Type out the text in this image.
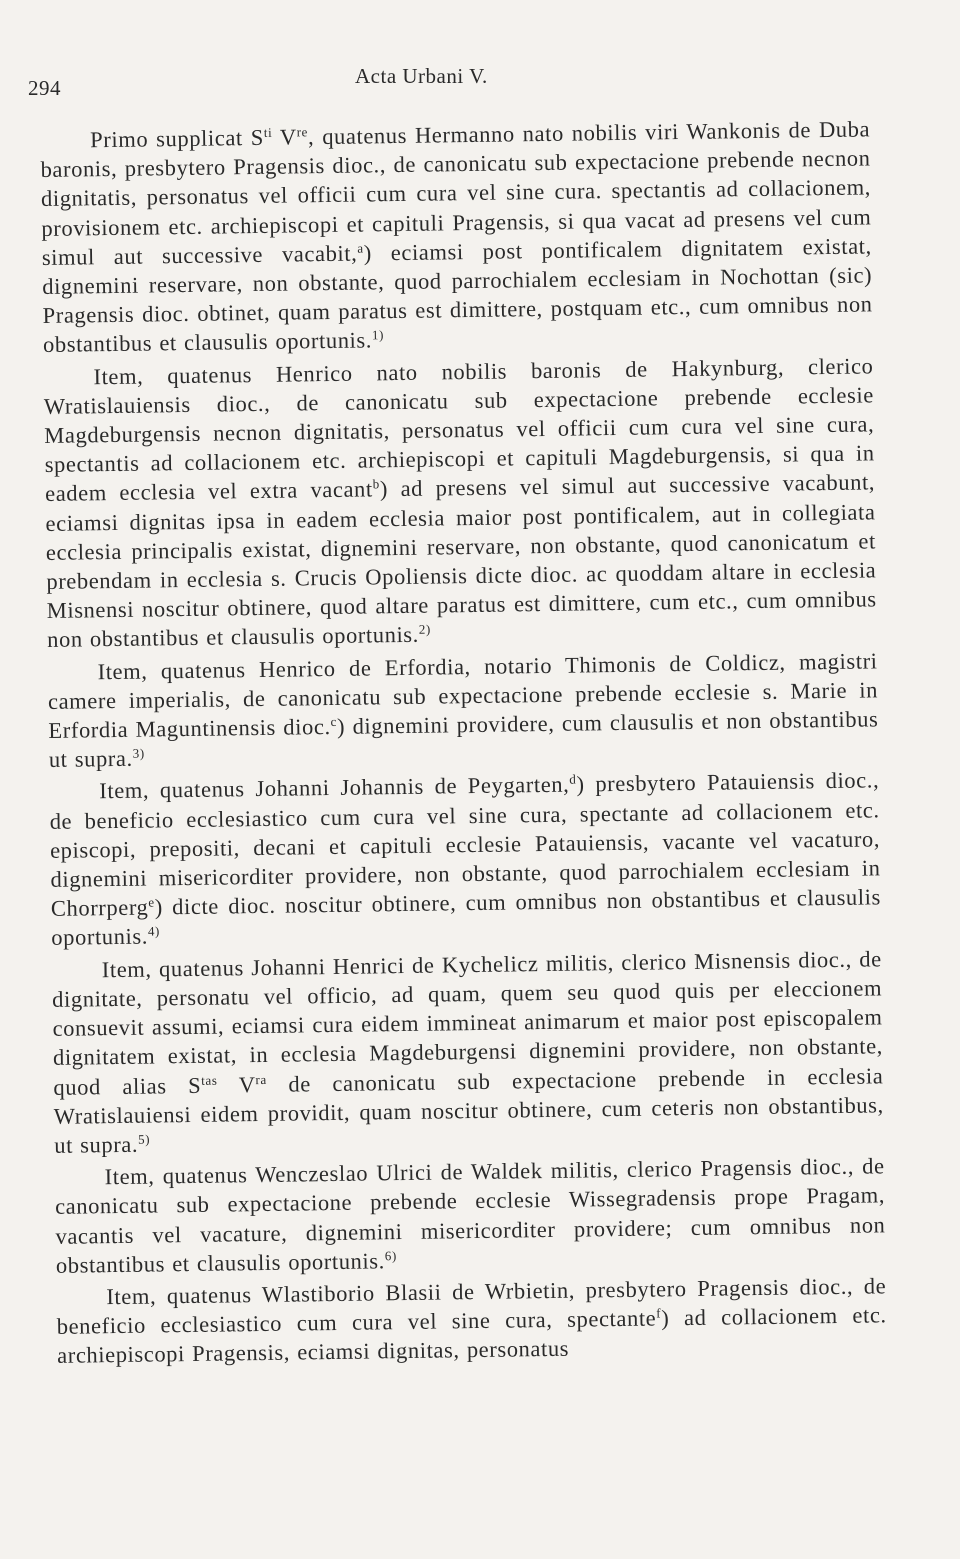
294	Acta Urbani V.

Primo supplicat $S^{ti}$ Vre, quatenus Hermanno nato nobilis viri Wankonis de Duba baronis, presbytero Pragensis dioc., de canonicatu sub expectacione prebende necnon dignitatis, personatus vel officii cum cura vel sine cura. spectantis ad collacionem, provisionem etc. archiepiscopi et capituli Pragensis, si qua vacat ad presens vel cum simul aut successive vacabit,$^a$) eciamsi post pontificalem dignitatem existat, dignemini reservare, non obstante, quod parrochialem ecclesiam in Nochottan (sic) Pragensis dioc. obtinet, quam paratus est dimittere, postquam etc., cum omnibus non obstantibus et clausulis oportunis.$^{1)}$

Item, quatenus Henrico nato nobilis baronis de Hakynburg, clerico Wratislauiensis dioc., de canonicatu sub expectacione prebende ecclesie Magdeburgensis necnon dignitatis, personatus vel officii cum cura vel sine cura, spectantis ad collacionem etc. archiepiscopi et capituli Magdeburgensis, si qua in eadem ecclesia vel extra vacant$^b$) ad presens vel simul aut successive vacabunt, eciamsi dignitas ipsa in eadem ecclesia maior post pontificalem, aut in collegiata ecclesia principalis existat, dignemini reservare, non obstante, quod canonicatum et prebendam in ecclesia s. Crucis Opoliensis dicte dioc. ac quoddam altare in ecclesia Misnensi noscitur obtinere, quod altare paratus est dimittere, cum etc., cum omnibus non obstantibus et clausulis oportunis.$^{2)}$

Item, quatenus Henrico de Erfordia, notario Thimonis de Coldicz, magistri camere imperialis, de canonicatu sub expectacione prebende ecclesie s. Marie in Erfordia Maguntinensis dioc.$^c$) dignemini providere, cum clausulis et non obstantibus ut supra.$^{3)}$

Item, quatenus Johanni Johannis de Peygarten,$^d$) presbytero Patauiensis dioc., de beneficio ecclesiastico cum cura vel sine cura, spectante ad collacionem etc. episcopi, prepositi, decani et capituli ecclesie Patauiensis, vacante vel vacaturo, dignemini misericorditer providere, non obstante, quod parrochialem ecclesiam in Chorrperg$^e$) dicte dioc. noscitur obtinere, cum omnibus non obstantibus et clausulis oportunis.$^{4)}$

Item, quatenus Johanni Henrici de Kychelicz militis, clerico Misnensis dioc., de dignitate, personatu vel officio, ad quam, quem seu quod quis per eleccionem consuevit assumi, eciamsi cura eidem immineat animarum et maior post episcopalem dignitatem existat, in ecclesia Magdeburgensi dignemini providere, non obstante, quod alias $S^{tas}$ $V^{ra}$ de canonicatu sub expectacione prebende in ecclesia Wratislauiensi eidem providit, quam noscitur obtinere, cum ceteris non obstantibus, ut supra.$^{5)}$

Item, quatenus Wenczeslao Ulrici de Waldek militis, clerico Pragensis dioc., de canonicatu sub expectacione prebende ecclesie Wissegradensis prope Pragam, vacantis vel vacature, dignemini misericorditer providere; cum omnibus non obstantibus et clausulis oportunis.$^{6)}$

Item, quatenus Wlastiborio Blasii de Wrbietin, presbytero Pragensis dioc., de beneficio ecclesiastico cum cura vel sine cura, spectante$^f$) ad collacionem etc. archiepiscopi Pragensis, eciamsi dignitas, personatus
